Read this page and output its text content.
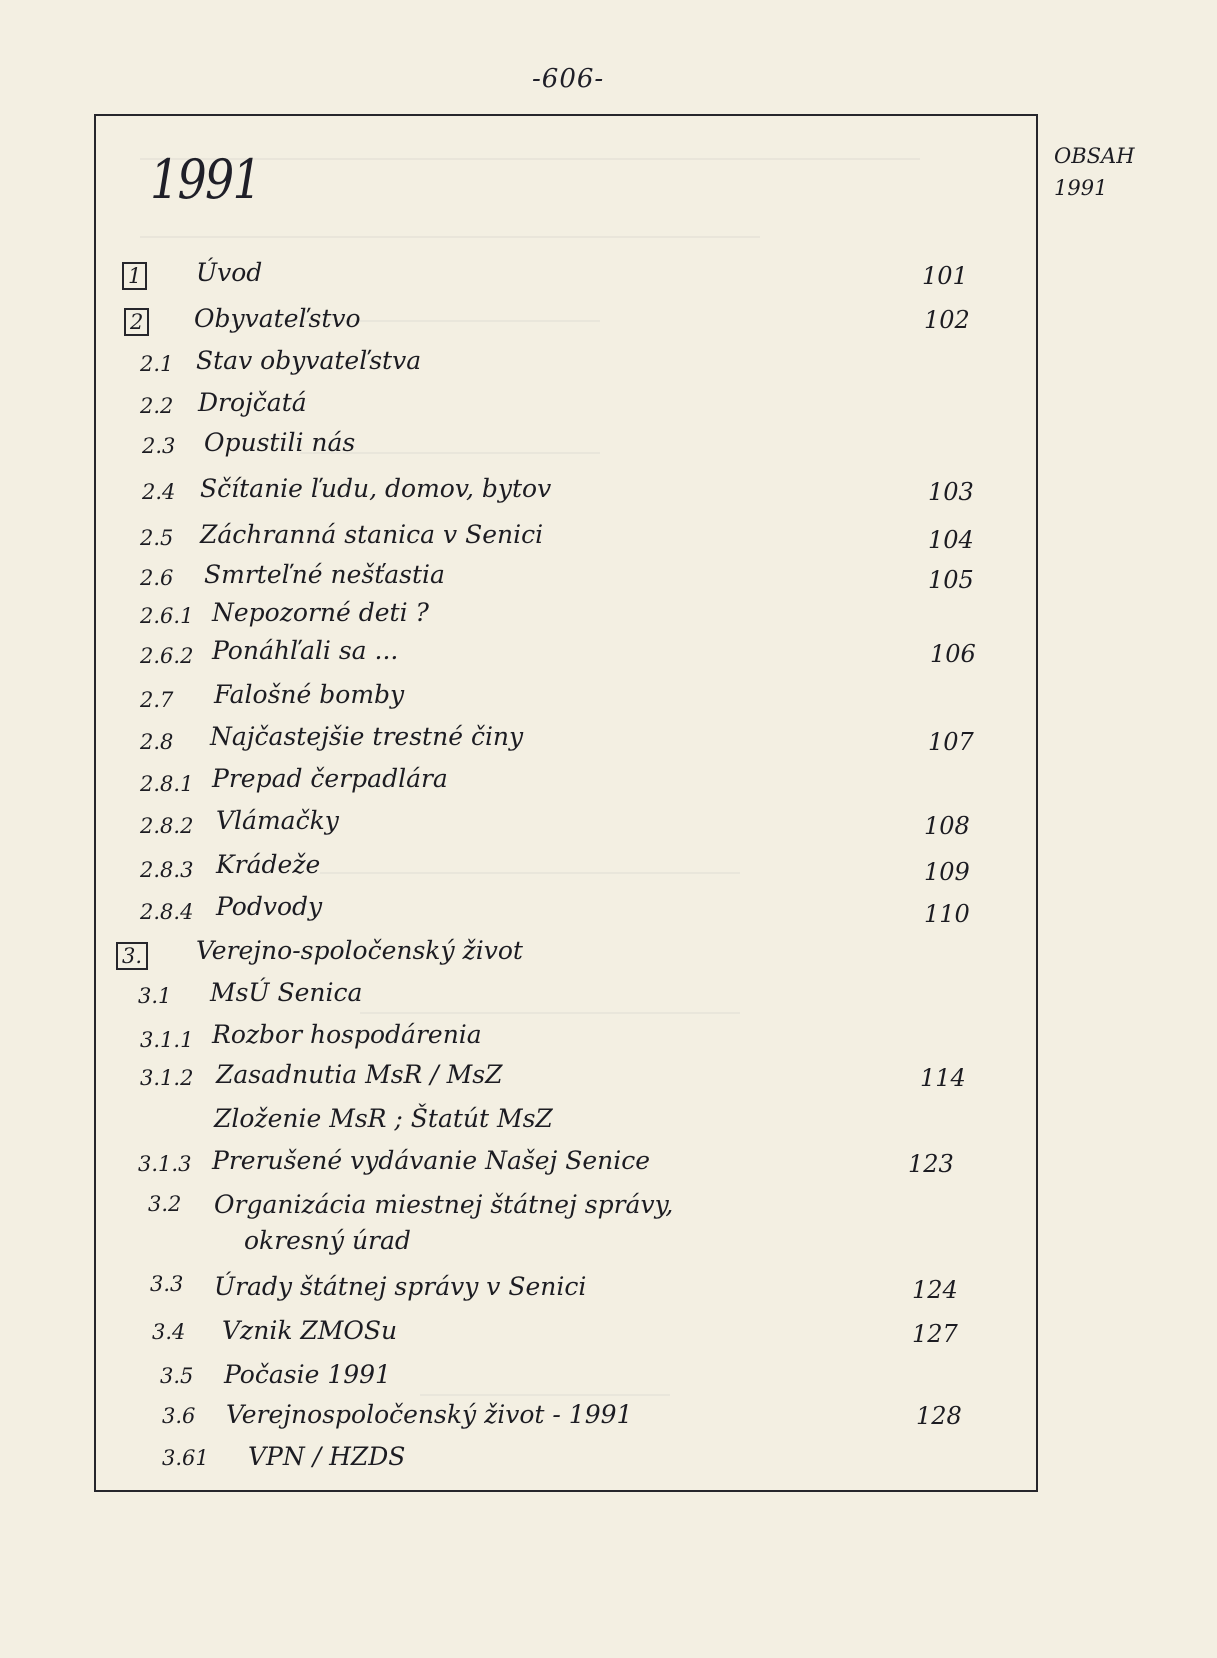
-606-
OBSAH
1991
1991
1 Úvod	101
2 Obyvateľstvo	102
2.1 Stav obyvateľstva
2.2 Drojčatá
2.3 Opustili nás
2.4 Sčítanie ľudu, domov, bytov	103
2.5 Záchranná stanica v Senici	104
2.6 Smrteľné nešťastia	105
2.6.1 Nepozorné deti ?
2.6.2 Ponáhľali sa ...	106
2.7 Falošné bomby
2.8 Najčastejšie trestné činy	107
2.8.1 Prepad čerpadlára
2.8.2 Vlámačky	108
2.8.3 Krádeže	109
2.8.4 Podvody	110
3. Verejno-spoločenský život
3.1 MsÚ Senica
3.1.1 Rozbor hospodárenia
3.1.2 Zasadnutia MsR / MsZ	114
Zloženie MsR ; Štatút MsZ
3.1.3 Prerušené vydávanie Našej Senice	123
3.2 Organizácia miestnej štátnej správy,
okresný úrad
3.3 Úrady štátnej správy v Senici	124
3.4 Vznik ZMOSu	127
3.5 Počasie 1991
3.6 Verejnospoločenský život - 1991	128
3.61 VPN / HZDS
